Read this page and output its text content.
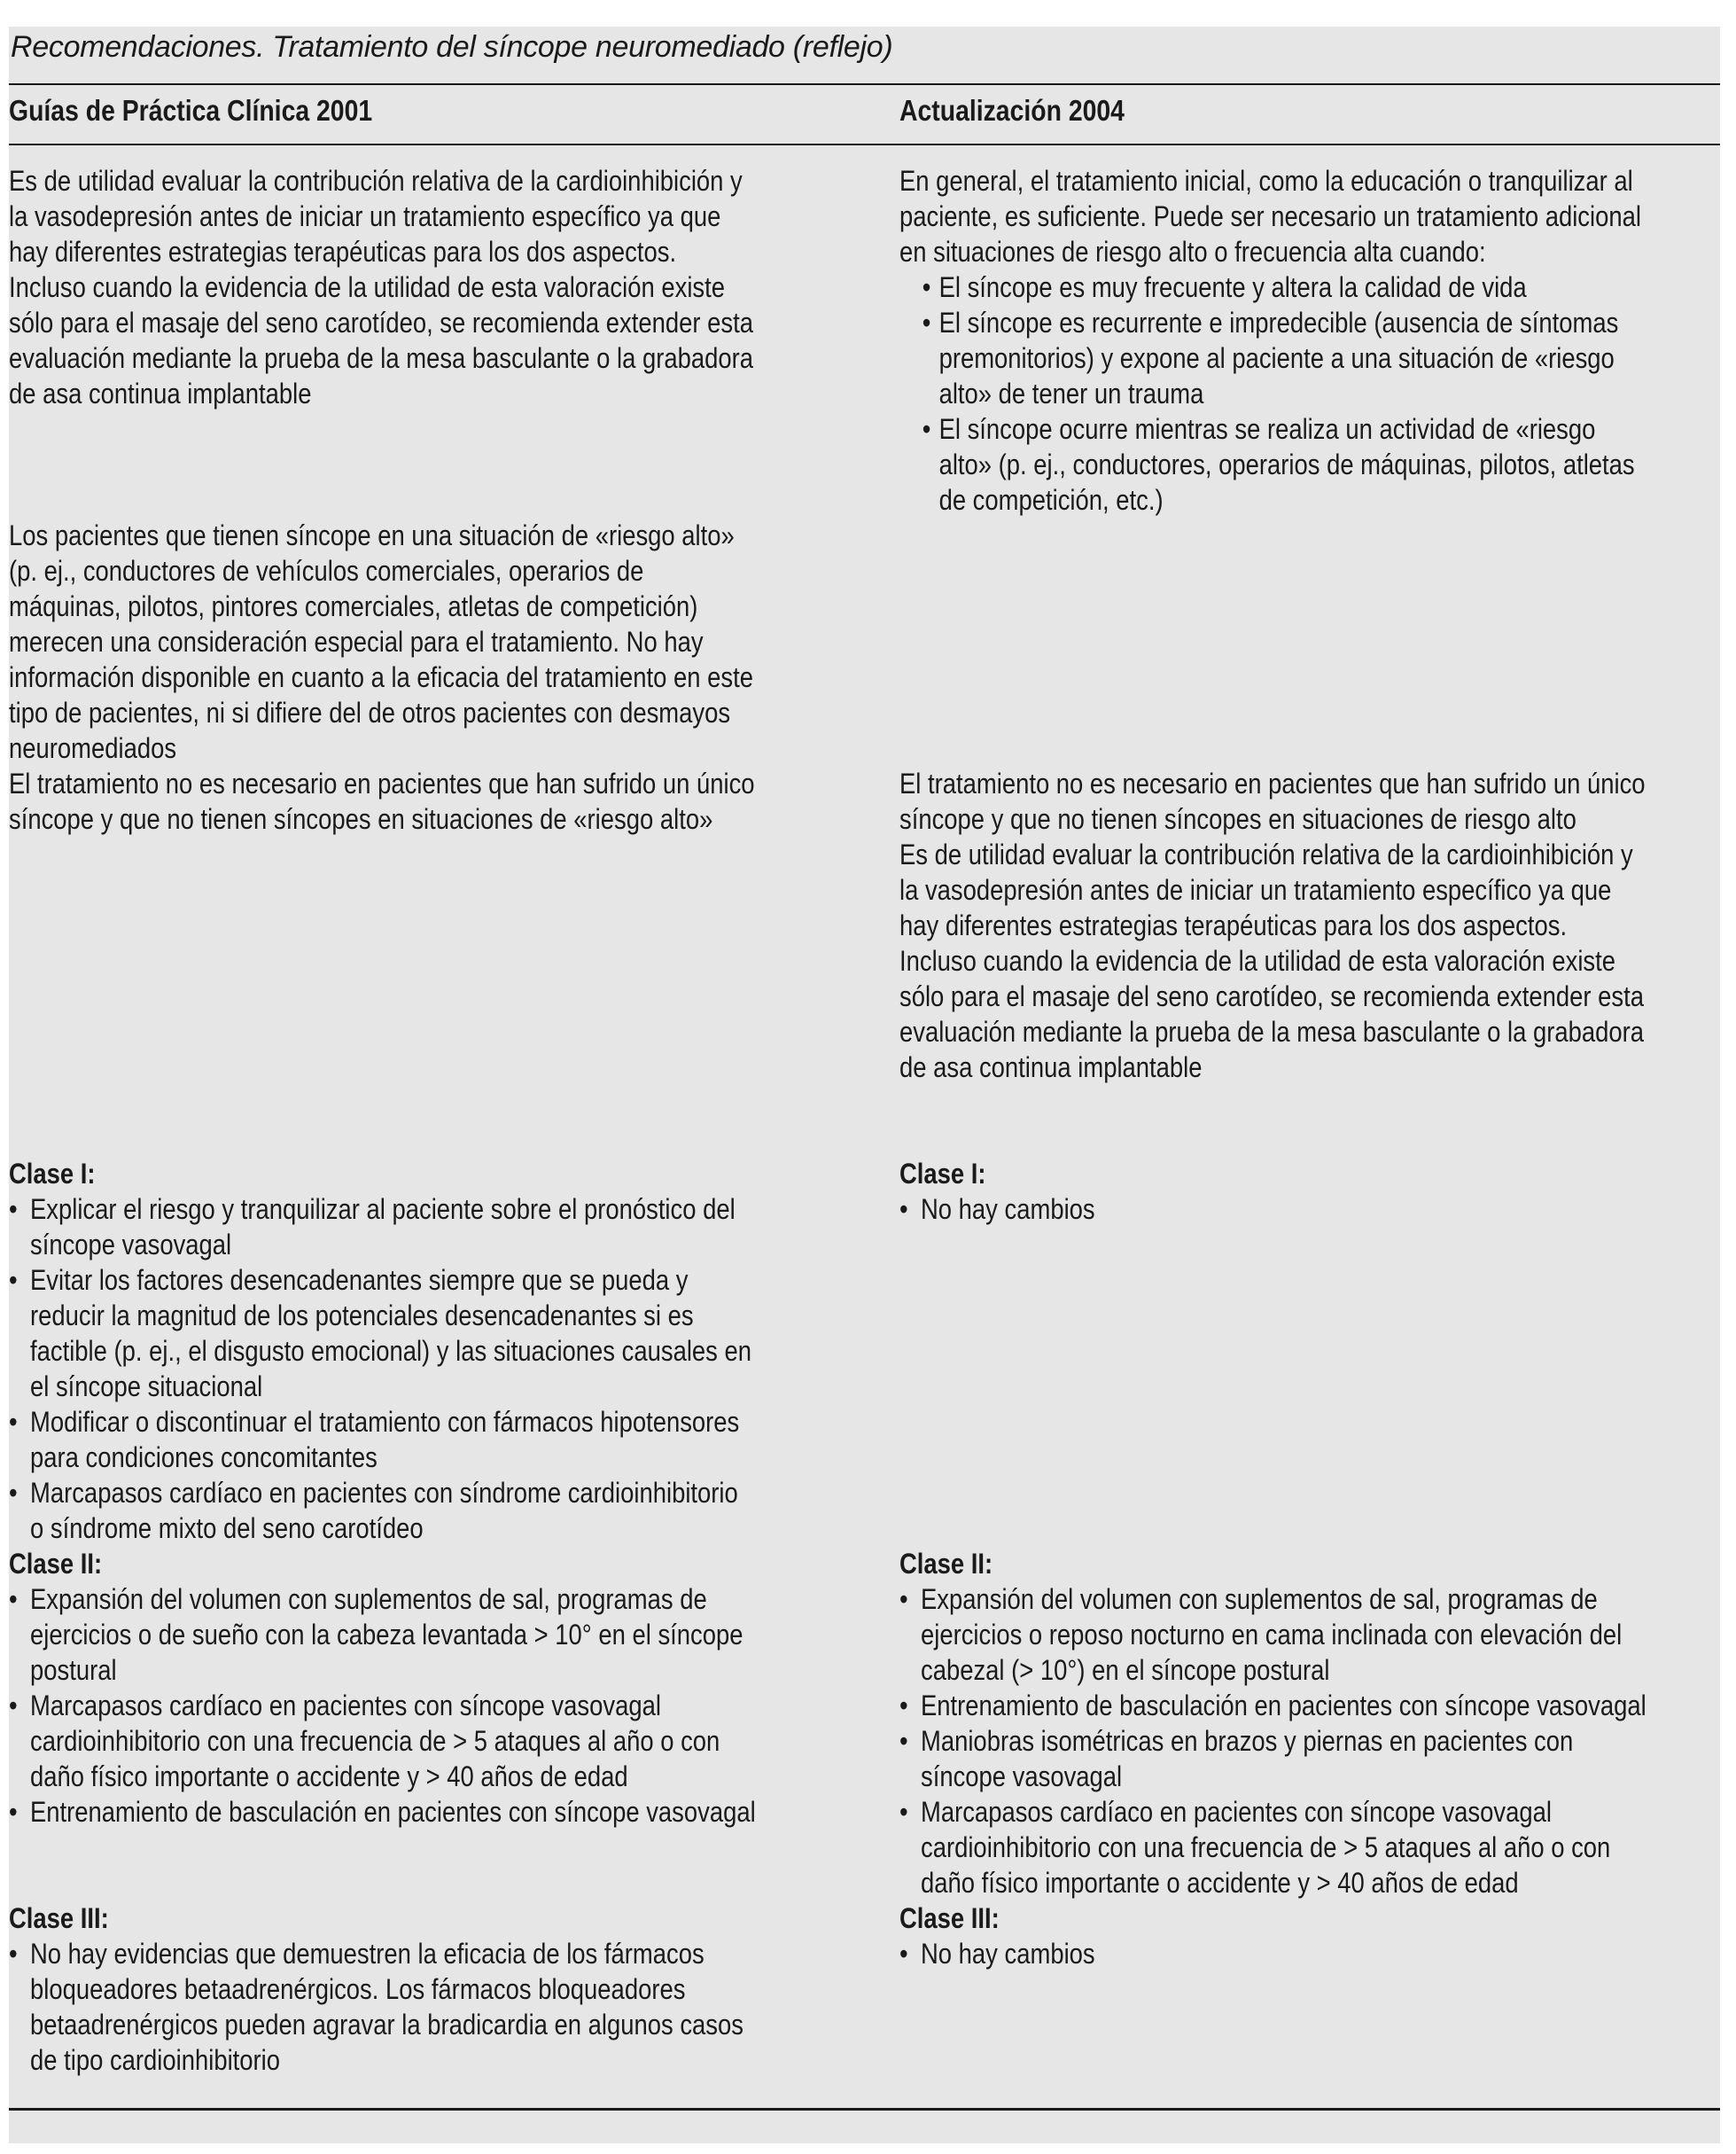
Recomendaciones. Tratamiento del síncope neuromediado (reflejo)
Guías de Práctica Clínica 2001	Actualización 2004

Es de utilidad evaluar la contribución relativa de la cardioinhibición y

la vasodepresión antes de iniciar un tratamiento específico ya que

hay diferentes estrategias terapéuticas para los dos aspectos.

Incluso cuando la evidencia de la utilidad de esta valoración existe

sólo para el masaje del seno carotídeo, se recomienda extender esta

evaluación mediante la prueba de la mesa basculante o la grabadora

de asa continua implantable

Los pacientes que tienen síncope en una situación de «riesgo alto»

(p. ej., conductores de vehículos comerciales, operarios de

máquinas, pilotos, pintores comerciales, atletas de competición)

merecen una consideración especial para el tratamiento. No hay

información disponible en cuanto a la eficacia del tratamiento en este

tipo de pacientes, ni si difiere del de otros pacientes con desmayos

neuromediados

El tratamiento no es necesario en pacientes que han sufrido un único

síncope y que no tienen síncopes en situaciones de «riesgo alto»

Clase I:

• Explicar el riesgo y tranquilizar al paciente sobre el pronóstico del
síncope vasovagal
• Evitar los factores desencadenantes siempre que se pueda y
reducir la magnitud de los potenciales desencadenantes si es
factible (p. ej., el disgusto emocional) y las situaciones causales en
el síncope situacional
• Modificar o discontinuar el tratamiento con fármacos hipotensores
para condiciones concomitantes
• Marcapasos cardíaco en pacientes con síndrome cardioinhibitorio
o síndrome mixto del seno carotídeo

Clase II:

• Expansión del volumen con suplementos de sal, programas de
ejercicios o de sueño con la cabeza levantada > 10° en el síncope
postural
• Marcapasos cardíaco en pacientes con síncope vasovagal
cardioinhibitorio con una frecuencia de > 5 ataques al año o con
daño físico importante o accidente y > 40 años de edad
• Entrenamiento de basculación en pacientes con síncope vasovagal

Clase III:

• No hay evidencias que demuestren la eficacia de los fármacos
bloqueadores betaadrenérgicos. Los fármacos bloqueadores
betaadrenérgicos pueden agravar la bradicardia en algunos casos
de tipo cardioinhibitorio

En general, el tratamiento inicial, como la educación o tranquilizar al

paciente, es suficiente. Puede ser necesario un tratamiento adicional

en situaciones de riesgo alto o frecuencia alta cuando:

• El síncope es muy frecuente y altera la calidad de vida
• El síncope es recurrente e impredecible (ausencia de síntomas
premonitorios) y expone al paciente a una situación de «riesgo
alto» de tener un trauma
• El síncope ocurre mientras se realiza un actividad de «riesgo
alto» (p. ej., conductores, operarios de máquinas, pilotos, atletas
de competición, etc.)

El tratamiento no es necesario en pacientes que han sufrido un único

síncope y que no tienen síncopes en situaciones de riesgo alto

Es de utilidad evaluar la contribución relativa de la cardioinhibición y

la vasodepresión antes de iniciar un tratamiento específico ya que

hay diferentes estrategias terapéuticas para los dos aspectos.

Incluso cuando la evidencia de la utilidad de esta valoración existe

sólo para el masaje del seno carotídeo, se recomienda extender esta

evaluación mediante la prueba de la mesa basculante o la grabadora

de asa continua implantable

Clase I:

• No hay cambios

Clase II:

• Expansión del volumen con suplementos de sal, programas de
ejercicios o reposo nocturno en cama inclinada con elevación del
cabezal (> 10°) en el síncope postural
• Entrenamiento de basculación en pacientes con síncope vasovagal
• Maniobras isométricas en brazos y piernas en pacientes con
síncope vasovagal
• Marcapasos cardíaco en pacientes con síncope vasovagal
cardioinhibitorio con una frecuencia de > 5 ataques al año o con
daño físico importante o accidente y > 40 años de edad

Clase III:

• No hay cambios
